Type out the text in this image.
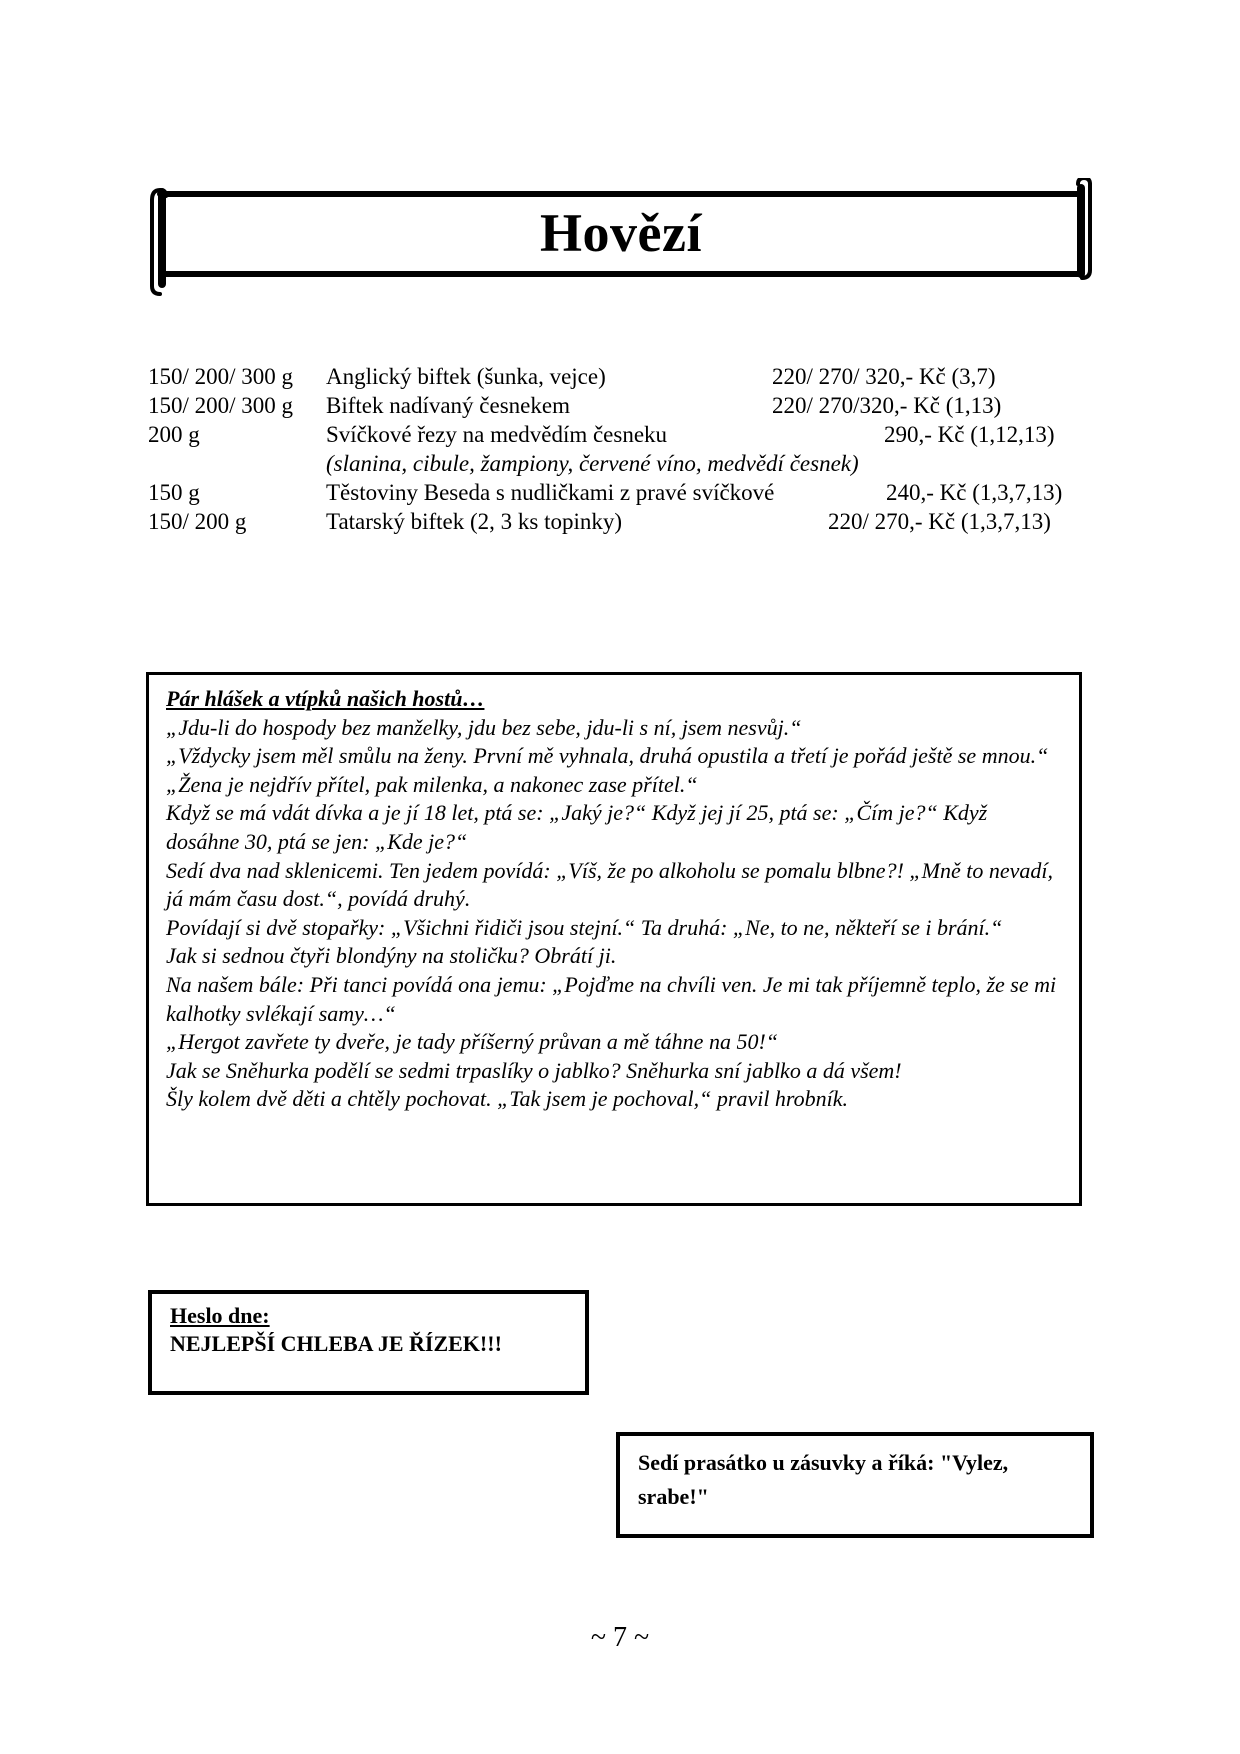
Hovězí
150/ 200/ 300 g Anglický biftek (šunka, vejce)	220/ 270/ 320,- Kč (3,7)
150/ 200/ 300 g Biftek nadívaný česnekem	220/ 270/320,- Kč (1,13)
200 g	Svíčkové řezy na medvědím česneku	290,- Kč (1,12,13)
(slanina, cibule, žampiony, červené víno, medvědí česnek)
150 g	Těstoviny Beseda s nudličkami z pravé svíčkové	240,- Kč (1,3,7,13)
150/ 200 g	Tatarský biftek (2, 3 ks topinky)	220/ 270,- Kč (1,3,7,13)
Pár hlášek a vtípků našich hostů…
„Jdu-li do hospody bez manželky, jdu bez sebe, jdu-li s ní, jsem nesvůj.“
„Vždycky jsem měl smůlu na ženy. První mě vyhnala, druhá opustila a třetí je pořád ještě se mnou.“
„Žena je nejdřív přítel, pak milenka, a nakonec zase přítel.“
Když se má vdát dívka a je jí 18 let, ptá se: „Jaký je?“ Když jej jí 25, ptá se: „Čím je?“ Když dosáhne 30, ptá se jen: „Kde je?“
Sedí dva nad sklenicemi. Ten jedem povídá: „Víš, že po alkoholu se pomalu blbne?! „Mně to nevadí, já mám času dost.“, povídá druhý.
Povídají si dvě stopařky: „Všichni řidiči jsou stejní.“ Ta druhá: „Ne, to ne, někteří se i brání.“
Jak si sednou čtyři blondýny na stoličku? Obrátí ji.
Na našem bále: Při tanci povídá ona jemu: „Pojďme na chvíli ven. Je mi tak příjemně teplo, že se mi kalhotky svlékají samy…“
„Hergot zavřete ty dveře, je tady příšerný průvan a mě táhne na 50!“
Jak se Sněhurka podělí se sedmi trpaslíky o jablko? Sněhurka sní jablko a dá všem!
Šly kolem dvě děti a chtěly pochovat. „Tak jsem je pochoval,“ pravil hrobník.
Heslo dne:
NEJLEPŠÍ CHLEBA JE ŘÍZEK!!!
Sedí prasátko u zásuvky a říká: "Vylez, srabe!"
~ 7 ~
